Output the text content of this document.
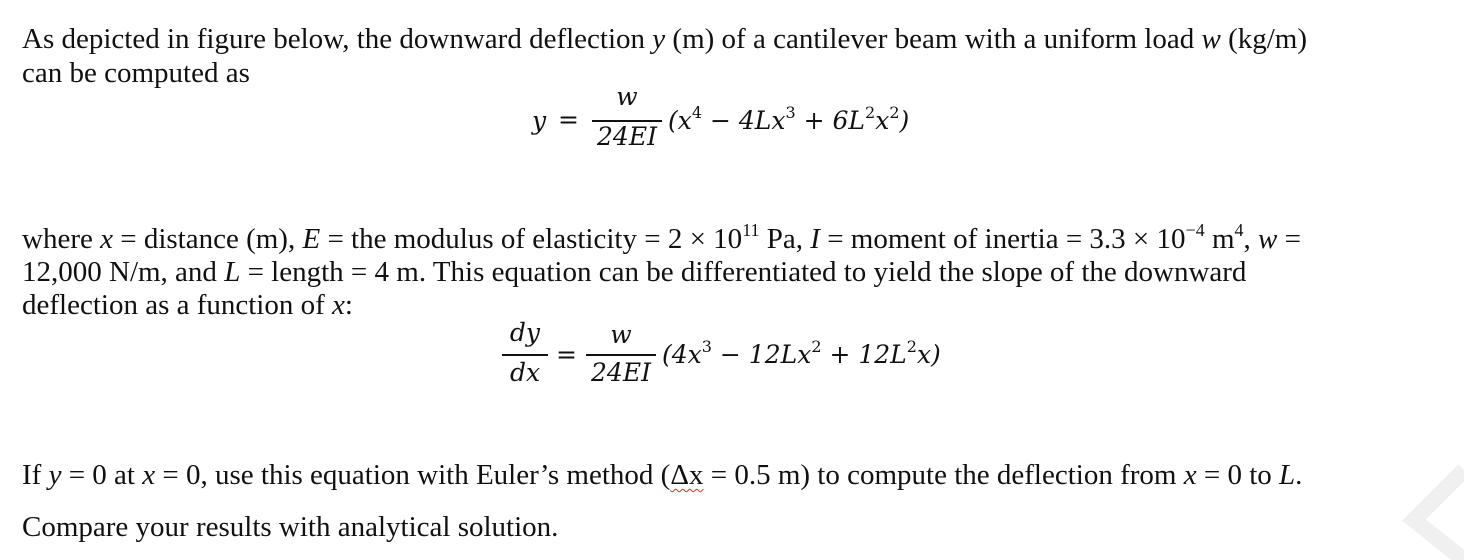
As depicted in figure below, the downward deflection y (m) of a cantilever beam with a uniform load w (kg/m)
can be computed as
y =
w
24EI
$(x^4 - 4Lx^3 + 6L^2x^2)$
where x = distance (m), E = the modulus of elasticity = $2 \times 10^{11}$ Pa, I = moment of inertia = $3.3 \times 10^{-4}$ $m^4$, w =
12,000 N/m, and L = length = 4 m. This equation can be differentiated to yield the slope of the downward
deflection as a function of x:
dy
dx
=
w
24EI
$(4x^3 - 12Lx^2 + 12L^2x)$
If y = 0 at x = 0, use this equation with Euler’s method (Δx = 0.5 m) to compute the deflection from x = 0 to L.
Compare your results with analytical solution.
